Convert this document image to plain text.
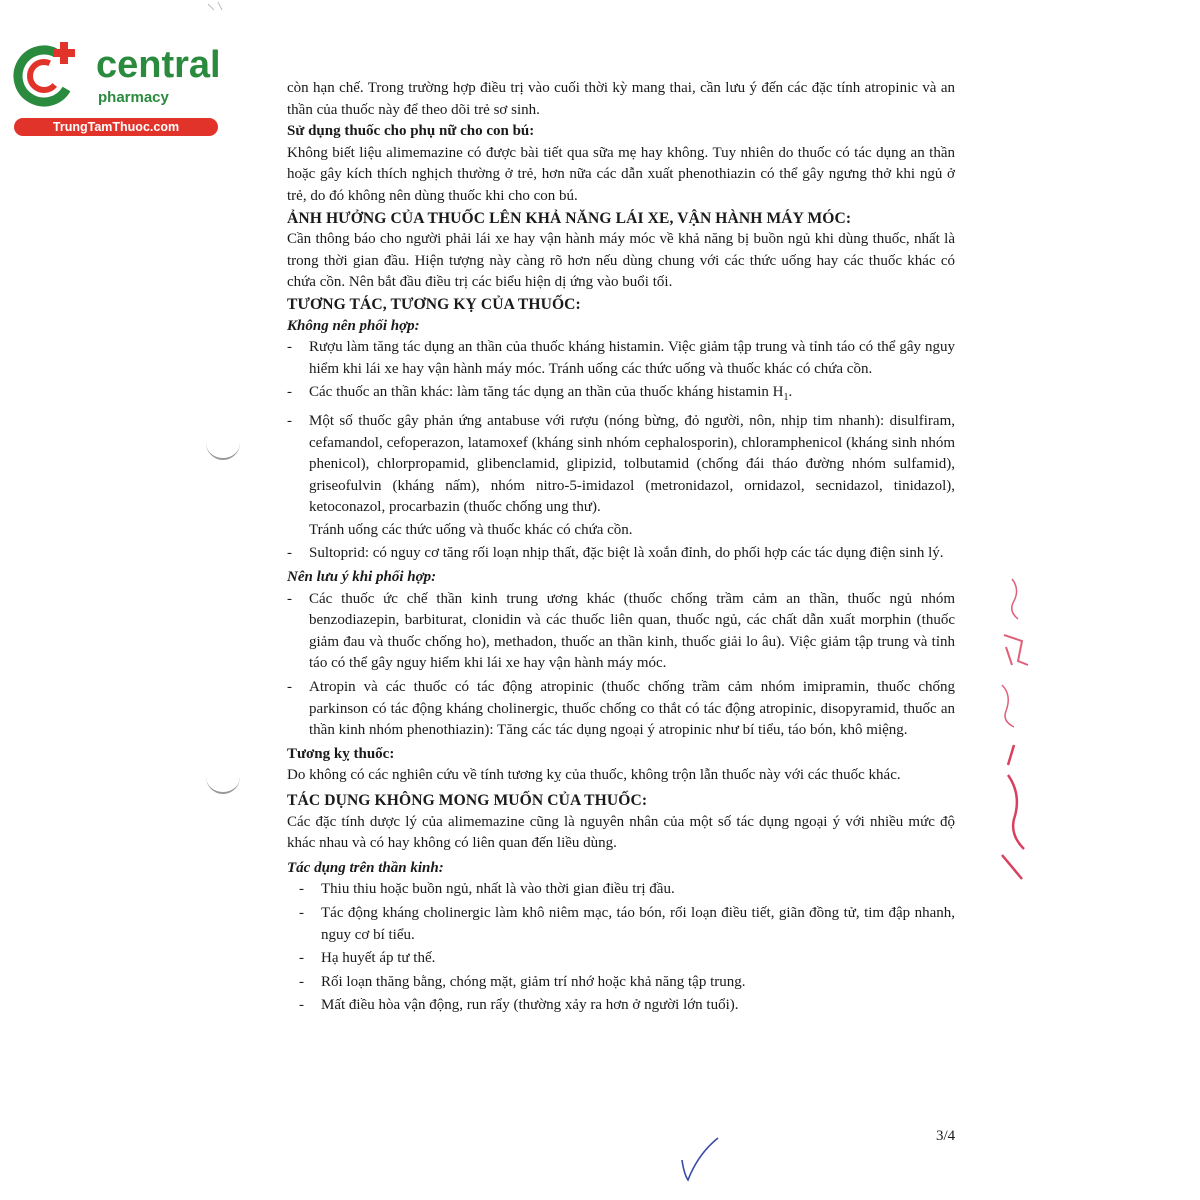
central
pharmacy
TrungTamThuoc.com

còn hạn chế. Trong trường hợp điều trị vào cuối thời kỳ mang thai, cần lưu ý đến các đặc tính atropinic và an thần của thuốc này để theo dõi trẻ sơ sinh.

Sử dụng thuốc cho phụ nữ cho con bú:

Không biết liệu alimemazine có được bài tiết qua sữa mẹ hay không. Tuy nhiên do thuốc có tác dụng an thần hoặc gây kích thích nghịch thường ở trẻ, hơn nữa các dẫn xuất phenothiazin có thể gây ngưng thở khi ngủ ở trẻ, do đó không nên dùng thuốc khi cho con bú.

ẢNH HƯỞNG CỦA THUỐC LÊN KHẢ NĂNG LÁI XE, VẬN HÀNH MÁY MÓC:

Cần thông báo cho người phải lái xe hay vận hành máy móc về khả năng bị buồn ngủ khi dùng thuốc, nhất là trong thời gian đầu. Hiện tượng này càng rõ hơn nếu dùng chung với các thức uống hay các thuốc khác có chứa cồn. Nên bắt đầu điều trị các biểu hiện dị ứng vào buổi tối.

TƯƠNG TÁC, TƯƠNG KỴ CỦA THUỐC:

Không nên phối hợp:

- Rượu làm tăng tác dụng an thần của thuốc kháng histamin. Việc giảm tập trung và tỉnh táo có thể gây nguy hiểm khi lái xe hay vận hành máy móc. Tránh uống các thức uống và thuốc khác có chứa cồn.
- Các thuốc an thần khác: làm tăng tác dụng an thần của thuốc kháng histamin $H_1$.
- Một số thuốc gây phản ứng antabuse với rượu (nóng bừng, đỏ người, nôn, nhịp tim nhanh): disulfiram, cefamandol, cefoperazon, latamoxef (kháng sinh nhóm cephalosporin), chloramphenicol (kháng sinh nhóm phenicol), chlorpropamid, glibenclamid, glipizid, tolbutamid (chống đái tháo đường nhóm sulfamid), griseofulvin (kháng nấm), nhóm nitro-5-imidazol (metronidazol, ornidazol, secnidazol, tinidazol), ketoconazol, procarbazin (thuốc chống ung thư).
Tránh uống các thức uống và thuốc khác có chứa cồn.
- Sultoprid: có nguy cơ tăng rối loạn nhịp thất, đặc biệt là xoắn đỉnh, do phối hợp các tác dụng điện sinh lý.

Nên lưu ý khi phối hợp:

- Các thuốc ức chế thần kinh trung ương khác (thuốc chống trầm cảm an thần, thuốc ngủ nhóm benzodiazepin, barbiturat, clonidin và các thuốc liên quan, thuốc ngủ, các chất dẫn xuất morphin (thuốc giảm đau và thuốc chống ho), methadon, thuốc an thần kinh, thuốc giải lo âu). Việc giảm tập trung và tỉnh táo có thể gây nguy hiểm khi lái xe hay vận hành máy móc.
- Atropin và các thuốc có tác động atropinic (thuốc chống trầm cảm nhóm imipramin, thuốc chống parkinson có tác động kháng cholinergic, thuốc chống co thắt có tác động atropinic, disopyramid, thuốc an thần kinh nhóm phenothiazin): Tăng các tác dụng ngoại ý atropinic như bí tiểu, táo bón, khô miệng.

Tương kỵ thuốc:

Do không có các nghiên cứu về tính tương kỵ của thuốc, không trộn lẫn thuốc này với các thuốc khác.

TÁC DỤNG KHÔNG MONG MUỐN CỦA THUỐC:

Các đặc tính dược lý của alimemazine cũng là nguyên nhân của một số tác dụng ngoại ý với nhiều mức độ khác nhau và có hay không có liên quan đến liều dùng.

Tác dụng trên thần kinh:

- Thiu thiu hoặc buồn ngủ, nhất là vào thời gian điều trị đầu.
- Tác động kháng cholinergic làm khô niêm mạc, táo bón, rối loạn điều tiết, giãn đồng tử, tim đập nhanh, nguy cơ bí tiểu.
- Hạ huyết áp tư thế.
- Rối loạn thăng bằng, chóng mặt, giảm trí nhớ hoặc khả năng tập trung.
- Mất điều hòa vận động, run rẩy (thường xảy ra hơn ở người lớn tuổi).
3/4
